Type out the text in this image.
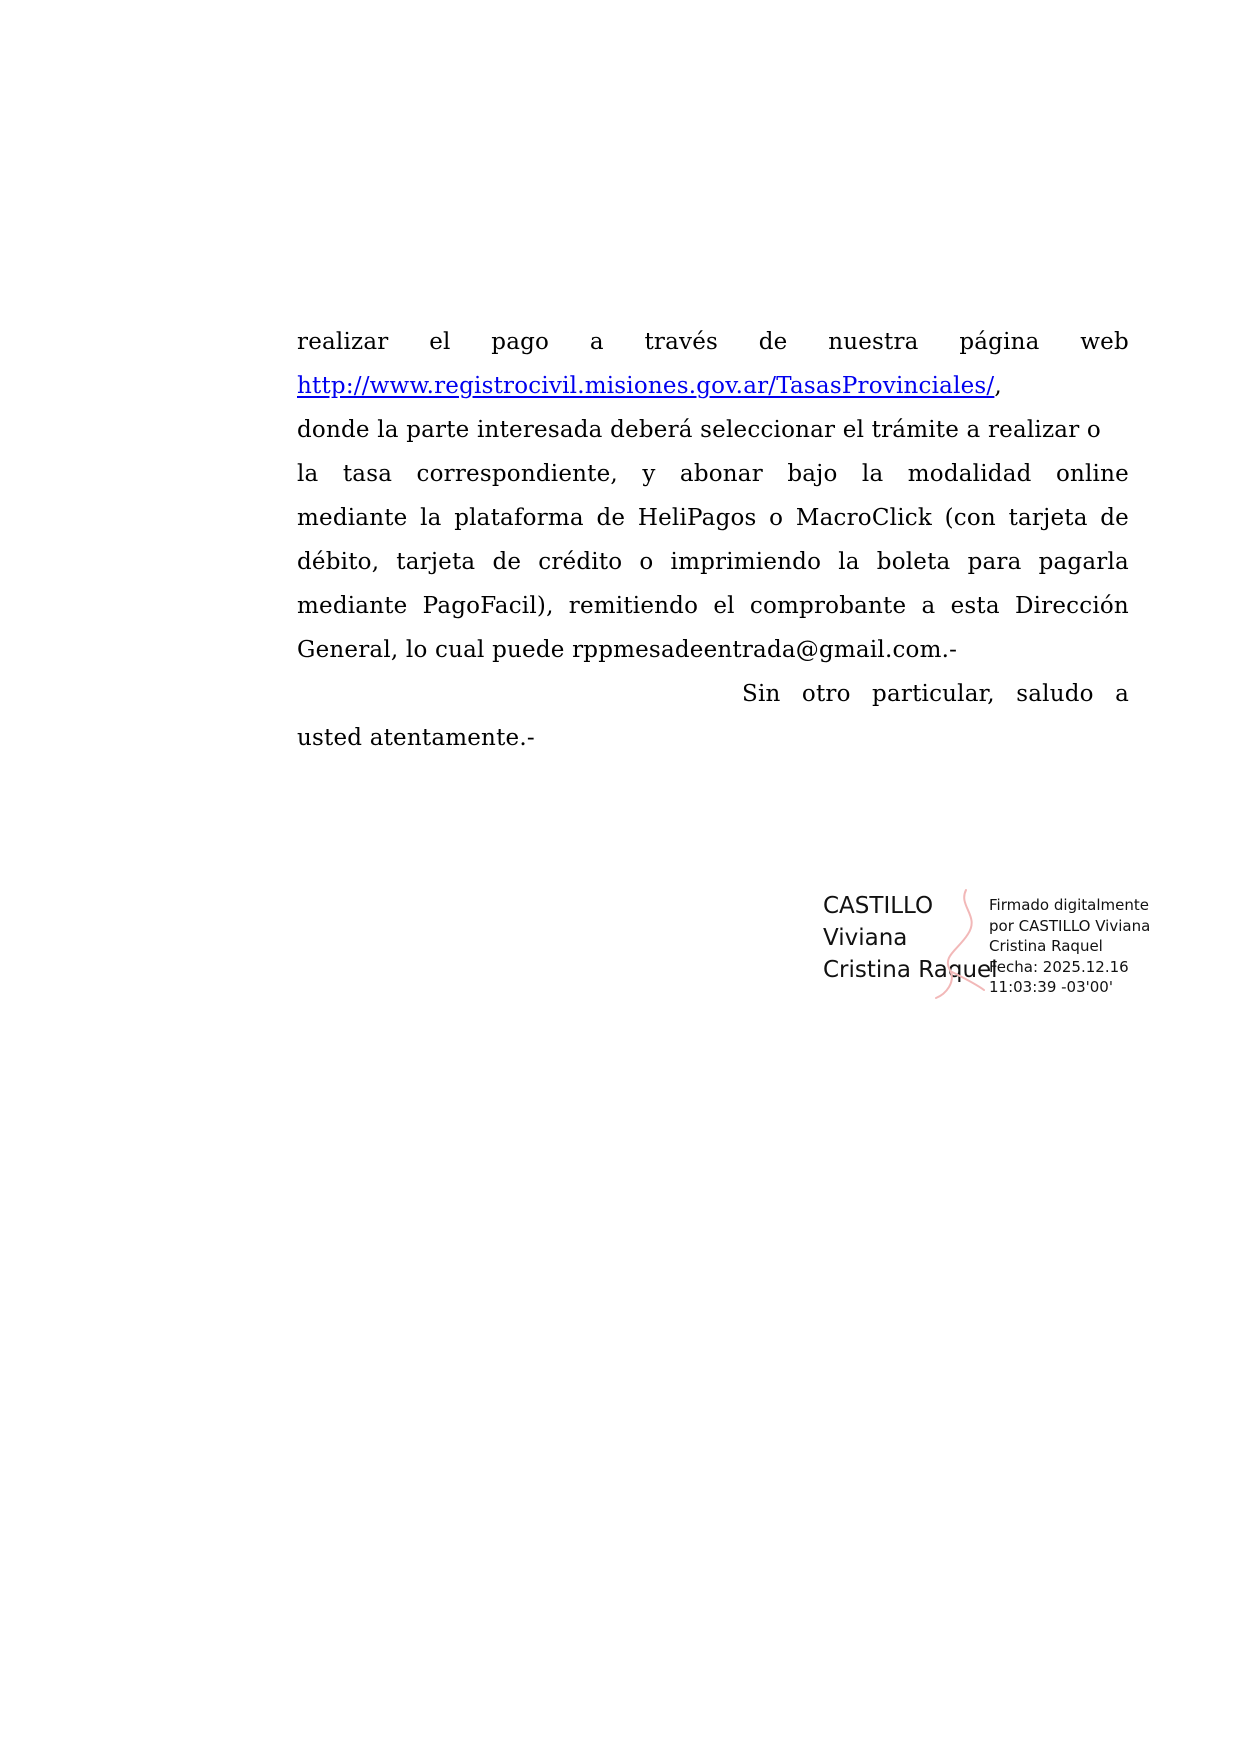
realizar el pago a través de nuestra página web
http://www.registrocivil.misiones.gov.ar/TasasProvinciales/,
donde la parte interesada deberá seleccionar el trámite a realizar o
la tasa correspondiente, y abonar bajo la modalidad online
mediante la plataforma de HeliPagos o MacroClick (con tarjeta de
débito, tarjeta de crédito o imprimiendo la boleta para pagarla
mediante PagoFacil), remitiendo el comprobante a esta Dirección
General, lo cual puede rppmesadeentrada@gmail.com.-
Sin otro particular, saludo a
usted atentamente.-
CASTILLO
Viviana
Cristina Raquel
Firmado digitalmente
por CASTILLO Viviana
Cristina Raquel
Fecha: 2025.12.16
11:03:39 -03'00'
